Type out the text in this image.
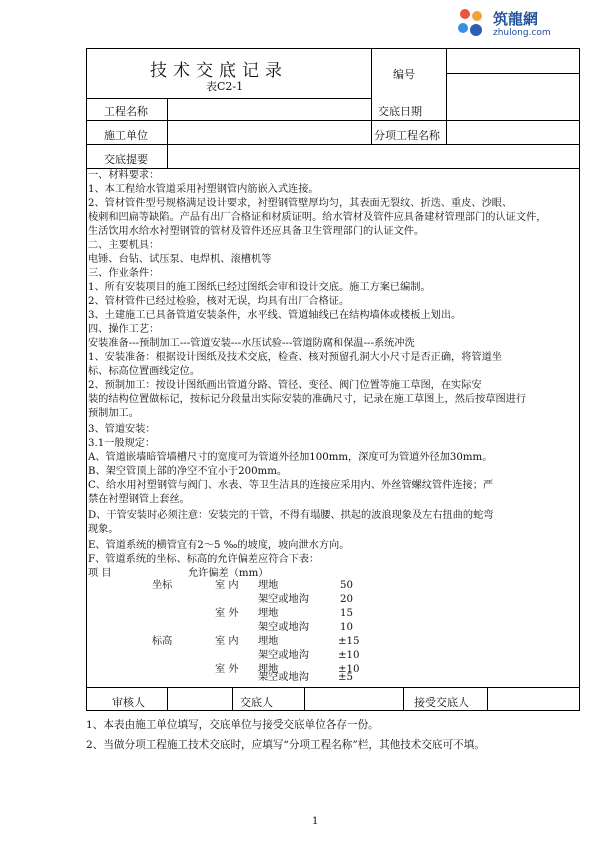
筑龍網
zhulong.com
技术交底记录
表C2-1
编号
工程名称	交底日期
施工单位	分项工程名称
交底提要
一、材料要求：
1、本工程给水管道采用衬塑钢管内筋嵌入式连接。
2、管材管件型号规格满足设计要求，衬塑钢管壁厚均匀，其表面无裂纹、折迭、重皮、沙眼、
棱刺和凹扁等缺陷。产品有出厂合格证和材质证明。给水管材及管件应具备建材管理部门的认证文件，
生活饮用水给水衬塑钢管的管材及管件还应具备卫生管理部门的认证文件。
二、主要机具：
电锤、台钻、试压泵、电焊机、滚槽机等
三、作业条件：
1、所有安装项目的施工图纸已经过图纸会审和设计交底。施工方案已编制。
2、管材管件已经过检验，核对无误，均具有出厂合格证。
3、土建施工已具备管道安装条件，水平线、管道轴线已在结构墙体或楼板上划出。
四、操作工艺：
安装准备---预制加工---管道安装---水压试验---管道防腐和保温---系统冲洗
1、安装准备：根据设计图纸及技术交底，检查、核对预留孔洞大小尺寸是否正确，将管道坐
标、标高位置画线定位。
2、预制加工：按设计图纸画出管道分路、管径、变径、阀门位置等施工草图，在实际安
装的结构位置做标记，按标记分段量出实际安装的准确尺寸，记录在施工草图上，然后按草图进行
预制加工。
3、管道安装：
3.1一般规定：
A、管道嵌墙暗管墙槽尺寸的宽度可为管道外径加100mm，深度可为管道外径加30mm。
B、架空管顶上部的净空不宜小于200mm。
C、给水用衬塑钢管与阀门、水表、等卫生洁具的连接应采用内、外丝管螺纹管件连接；严
禁在衬塑钢管上套丝。
D、干管安装时必须注意：安装完的干管，不得有塌腰、拱起的波浪现象及左右扭曲的蛇弯
现象。
E、管道系统的横管宜有2～5 ‰的坡度，坡向泄水方向。
F、管道系统的坐标、标高的允许偏差应符合下表：
项 目	允许偏差（mm）
坐标	室 内 埋地	50
架空或地沟	20
室 外 埋地	15
架空或地沟	10
标高	室 内 埋地	±15
架空或地沟	±10
室 外 埋地	±10
架空或地沟	±5
审核人	交底人	接受交底人
1、本表由施工单位填写，交底单位与接受交底单位各存一份。
2、当做分项工程施工技术交底时，应填写“分项工程名称”栏，其他技术交底可不填。
1
